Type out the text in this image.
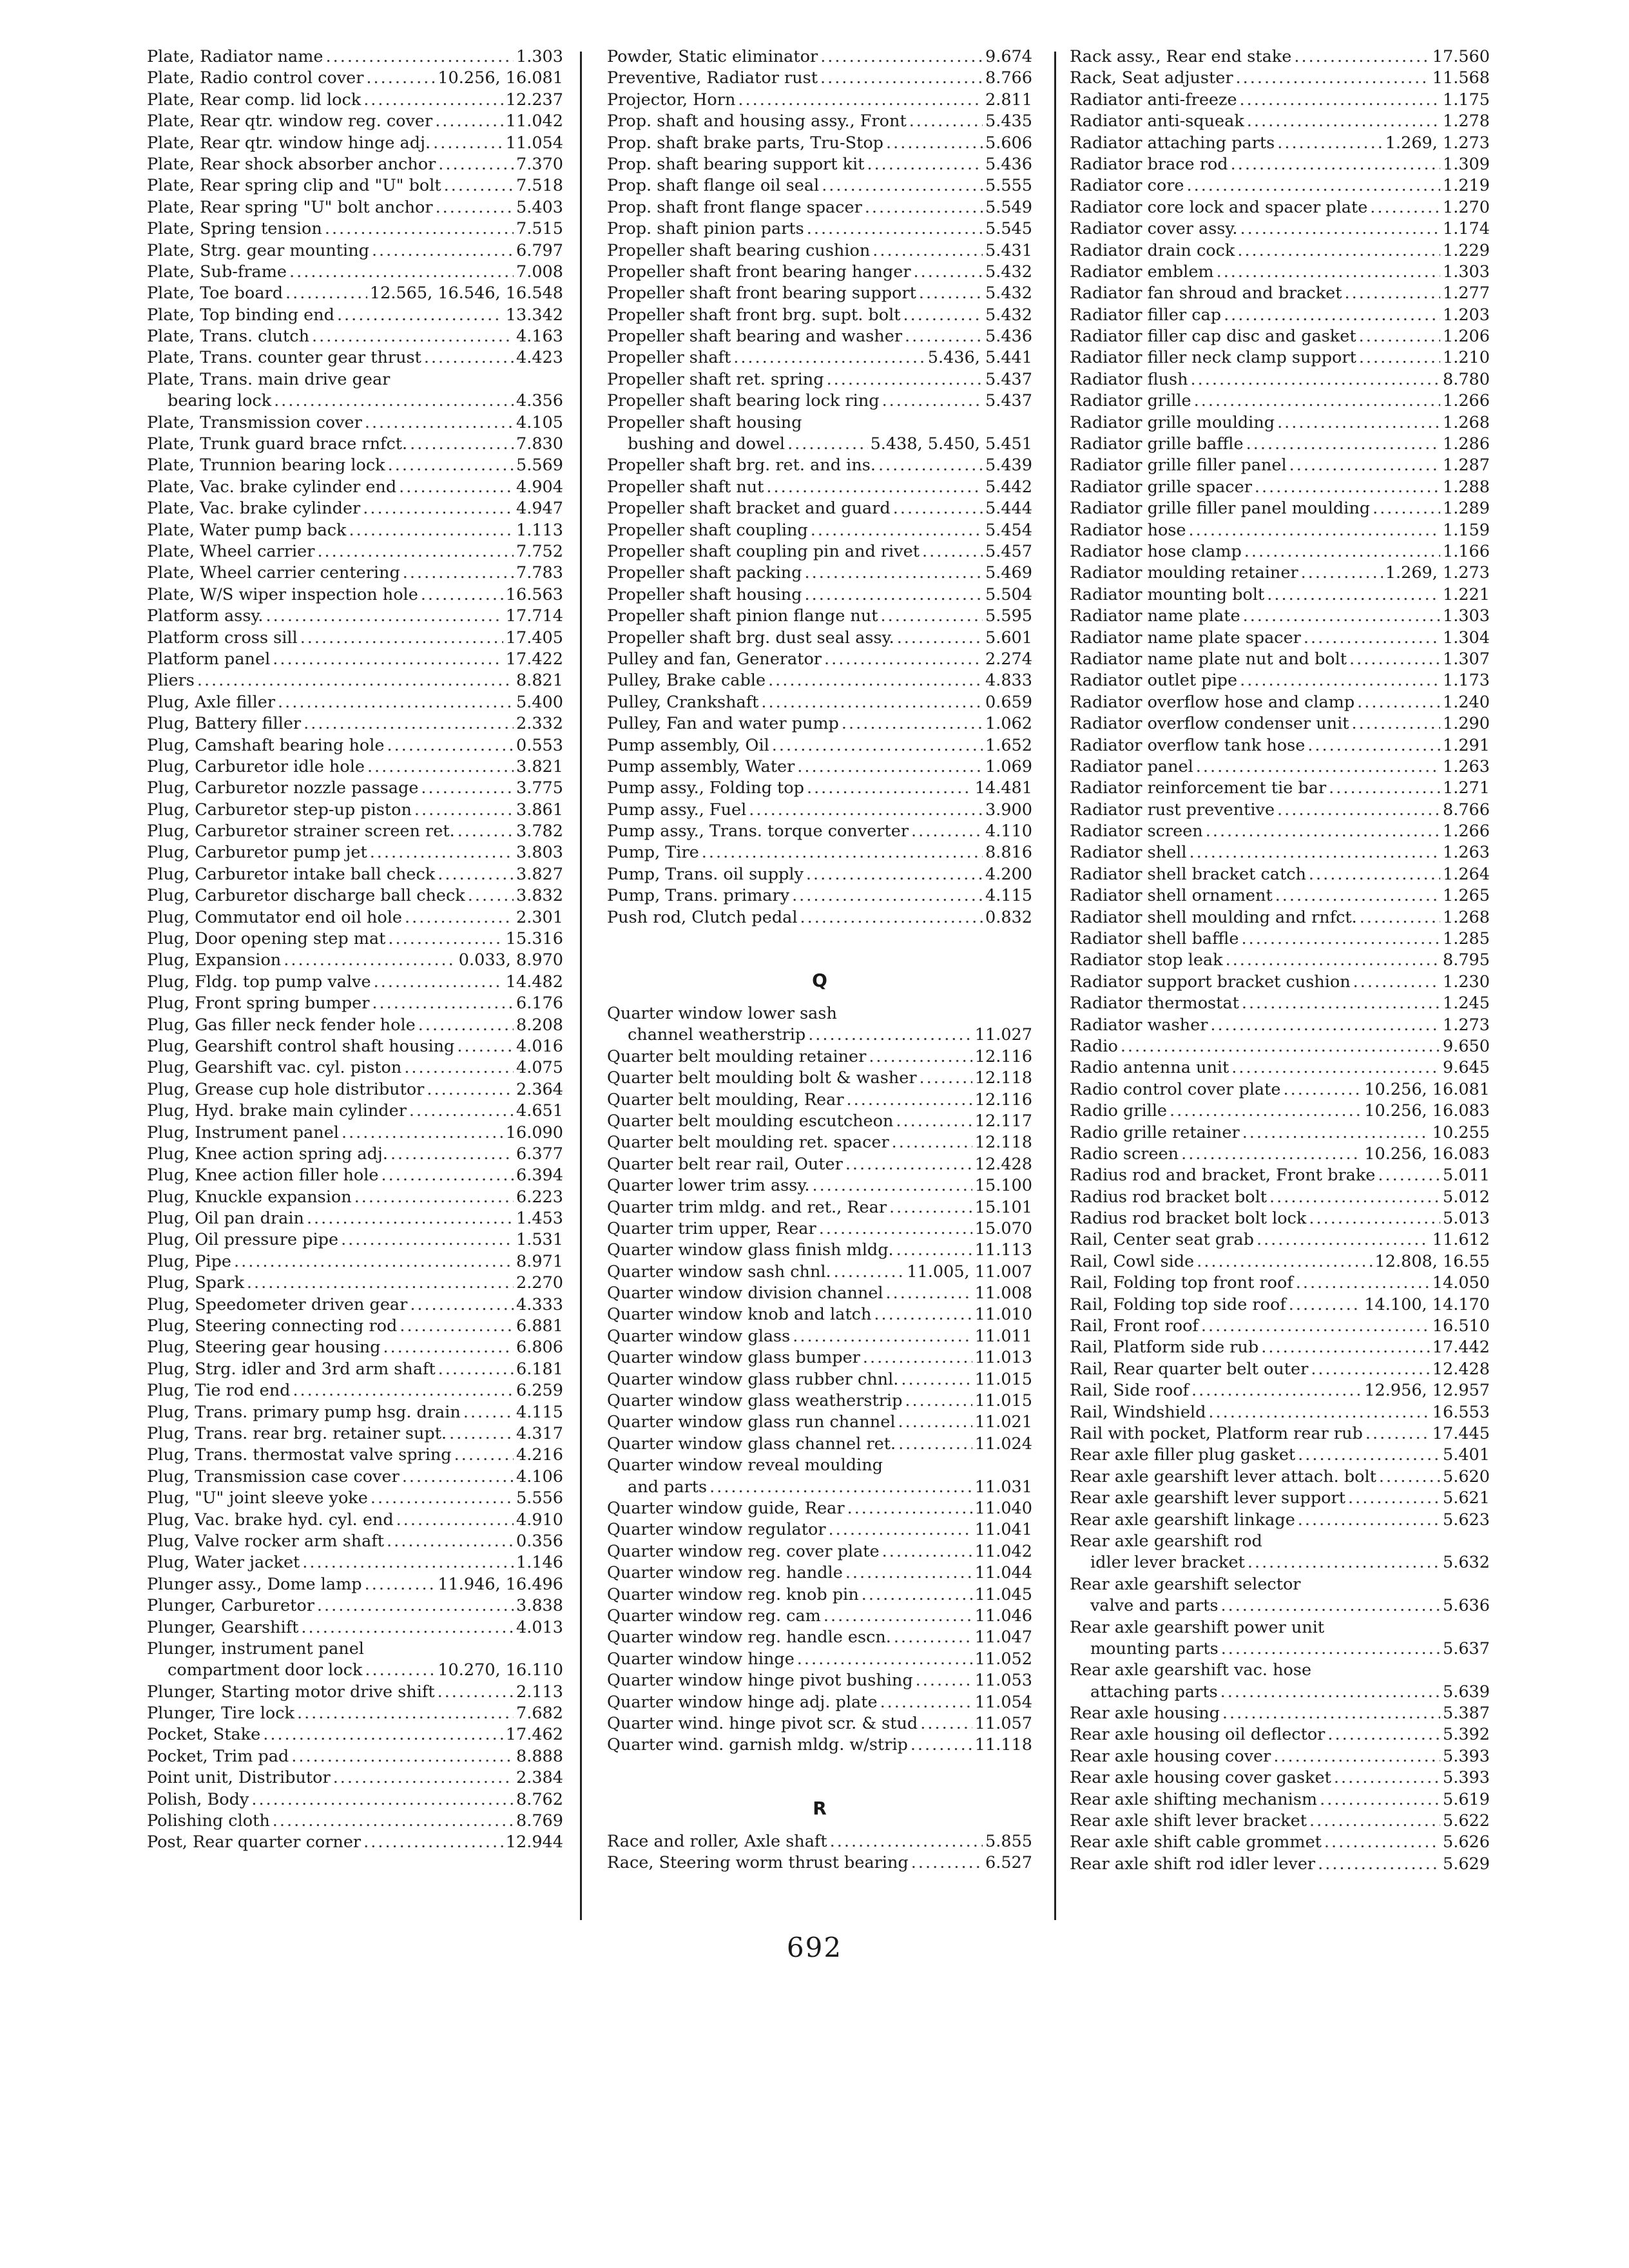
Plate, Radiator name .....	1.303
Plate, Radio control cover .....	10.256, 16.081
Plate, Rear comp. lid lock .....	12.237
Plate, Rear qtr. window reg. cover .....	11.042
Plate, Rear qtr. window hinge adj. .....	11.054
Plate, Rear shock absorber anchor .....	7.370
Plate, Rear spring clip and "U" bolt .....	7.518
Plate, Rear spring "U" bolt anchor .....	5.403
Plate, Spring tension .....	7.515
Plate, Strg. gear mounting .....	6.797
Plate, Sub-frame .....	7.008
Plate, Toe board .....	12.565, 16.546, 16.548
Plate, Top binding end .....	13.342
Plate, Trans. clutch .....	4.163
Plate, Trans. counter gear thrust .....	4.423
Plate, Trans. main drive gear
bearing lock .....	4.356
Plate, Transmission cover .....	4.105
Plate, Trunk guard brace rnfct. .....	7.830
Plate, Trunnion bearing lock .....	5.569
Plate, Vac. brake cylinder end .....	4.904
Plate, Vac. brake cylinder .....	4.947
Plate, Water pump back .....	1.113
Plate, Wheel carrier .....	7.752
Plate, Wheel carrier centering .....	7.783
Plate, W/S wiper inspection hole .....	16.563
Platform assy. .....	17.714
Platform cross sill .....	17.405
Platform panel .....	17.422
Pliers .....	8.821
Plug, Axle filler .....	5.400
Plug, Battery filler .....	2.332
Plug, Camshaft bearing hole .....	0.553
Plug, Carburetor idle hole .....	3.821
Plug, Carburetor nozzle passage .....	3.775
Plug, Carburetor step-up piston .....	3.861
Plug, Carburetor strainer screen ret. .....	3.782
Plug, Carburetor pump jet .....	3.803
Plug, Carburetor intake ball check .....	3.827
Plug, Carburetor discharge ball check .....	3.832
Plug, Commutator end oil hole .....	2.301
Plug, Door opening step mat .....	15.316
Plug, Expansion .....	0.033, 8.970
Plug, Fldg. top pump valve .....	14.482
Plug, Front spring bumper .....	6.176
Plug, Gas filler neck fender hole .....	8.208
Plug, Gearshift control shaft housing .....	4.016
Plug, Gearshift vac. cyl. piston .....	4.075
Plug, Grease cup hole distributor .....	2.364
Plug, Hyd. brake main cylinder .....	4.651
Plug, Instrument panel .....	16.090
Plug, Knee action spring adj. .....	6.377
Plug, Knee action filler hole .....	6.394
Plug, Knuckle expansion .....	6.223
Plug, Oil pan drain .....	1.453
Plug, Oil pressure pipe .....	1.531
Plug, Pipe .....	8.971
Plug, Spark .....	2.270
Plug, Speedometer driven gear .....	4.333
Plug, Steering connecting rod .....	6.881
Plug, Steering gear housing .....	6.806
Plug, Strg. idler and 3rd arm shaft .....	6.181
Plug, Tie rod end .....	6.259
Plug, Trans. primary pump hsg. drain .....	4.115
Plug, Trans. rear brg. retainer supt. .....	4.317
Plug, Trans. thermostat valve spring .....	4.216
Plug, Transmission case cover .....	4.106
Plug, "U" joint sleeve yoke .....	5.556
Plug, Vac. brake hyd. cyl. end .....	4.910
Plug, Valve rocker arm shaft .....	0.356
Plug, Water jacket .....	1.146
Plunger assy., Dome lamp .....	11.946, 16.496
Plunger, Carburetor .....	3.838
Plunger, Gearshift .....	4.013
Plunger, instrument panel
compartment door lock .....	10.270, 16.110
Plunger, Starting motor drive shift .....	2.113
Plunger, Tire lock .....	7.682
Pocket, Stake .....	17.462
Pocket, Trim pad .....	8.888
Point unit, Distributor .....	2.384
Polish, Body .....	8.762
Polishing cloth .....	8.769
Post, Rear quarter corner .....	12.944
Powder, Static eliminator .....	9.674
Preventive, Radiator rust .....	8.766
Projector, Horn .....	2.811
Prop. shaft and housing assy., Front .....	5.435
Prop. shaft brake parts, Tru-Stop .....	5.606
Prop. shaft bearing support kit .....	5.436
Prop. shaft flange oil seal .....	5.555
Prop. shaft front flange spacer .....	5.549
Prop. shaft pinion parts .....	5.545
Propeller shaft bearing cushion .....	5.431
Propeller shaft front bearing hanger .....	5.432
Propeller shaft front bearing support .....	5.432
Propeller shaft front brg. supt. bolt .....	5.432
Propeller shaft bearing and washer .....	5.436
Propeller shaft .....	5.436, 5.441
Propeller shaft ret. spring .....	5.437
Propeller shaft bearing lock ring .....	5.437
Propeller shaft housing
bushing and dowel .....	5.438, 5.450, 5.451
Propeller shaft brg. ret. and ins. .....	5.439
Propeller shaft nut .....	5.442
Propeller shaft bracket and guard .....	5.444
Propeller shaft coupling .....	5.454
Propeller shaft coupling pin and rivet .....	5.457
Propeller shaft packing .....	5.469
Propeller shaft housing .....	5.504
Propeller shaft pinion flange nut .....	5.595
Propeller shaft brg. dust seal assy. .....	5.601
Pulley and fan, Generator .....	2.274
Pulley, Brake cable .....	4.833
Pulley, Crankshaft .....	0.659
Pulley, Fan and water pump .....	1.062
Pump assembly, Oil .....	1.652
Pump assembly, Water .....	1.069
Pump assy., Folding top .....	14.481
Pump assy., Fuel .....	3.900
Pump assy., Trans. torque converter .....	4.110
Pump, Tire .....	8.816
Pump, Trans. oil supply .....	4.200
Pump, Trans. primary .....	4.115
Push rod, Clutch pedal .....	0.832
Q
Quarter window lower sash
channel weatherstrip .....	11.027
Quarter belt moulding retainer .....	12.116
Quarter belt moulding bolt & washer .....	12.118
Quarter belt moulding, Rear .....	12.116
Quarter belt moulding escutcheon .....	12.117
Quarter belt moulding ret. spacer .....	12.118
Quarter belt rear rail, Outer .....	12.428
Quarter lower trim assy. .....	15.100
Quarter trim mldg. and ret., Rear .....	15.101
Quarter trim upper, Rear .....	15.070
Quarter window glass finish mldg. .....	11.113
Quarter window sash chnl. .....	11.005, 11.007
Quarter window division channel .....	11.008
Quarter window knob and latch .....	11.010
Quarter window glass .....	11.011
Quarter window glass bumper .....	11.013
Quarter window glass rubber chnl. .....	11.015
Quarter window glass weatherstrip .....	11.015
Quarter window glass run channel .....	11.021
Quarter window glass channel ret. .....	11.024
Quarter window reveal moulding
and parts .....	11.031
Quarter window guide, Rear .....	11.040
Quarter window regulator .....	11.041
Quarter window reg. cover plate .....	11.042
Quarter window reg. handle .....	11.044
Quarter window reg. knob pin .....	11.045
Quarter window reg. cam .....	11.046
Quarter window reg. handle escn. .....	11.047
Quarter window hinge .....	11.052
Quarter window hinge pivot bushing .....	11.053
Quarter window hinge adj. plate .....	11.054
Quarter wind. hinge pivot scr. & stud .....	11.057
Quarter wind. garnish mldg. w/strip .....	11.118
R
Race and roller, Axle shaft .....	5.855
Race, Steering worm thrust bearing .....	6.527
Rack assy., Rear end stake .....	17.560
Rack, Seat adjuster .....	11.568
Radiator anti-freeze .....	1.175
Radiator anti-squeak .....	1.278
Radiator attaching parts .....	1.269, 1.273
Radiator brace rod .....	1.309
Radiator core .....	1.219
Radiator core lock and spacer plate .....	1.270
Radiator cover assy. .....	1.174
Radiator drain cock .....	1.229
Radiator emblem .....	1.303
Radiator fan shroud and bracket .....	1.277
Radiator filler cap .....	1.203
Radiator filler cap disc and gasket .....	1.206
Radiator filler neck clamp support .....	1.210
Radiator flush .....	8.780
Radiator grille .....	1.266
Radiator grille moulding .....	1.268
Radiator grille baffle .....	1.286
Radiator grille filler panel .....	1.287
Radiator grille spacer .....	1.288
Radiator grille filler panel moulding .....	1.289
Radiator hose .....	1.159
Radiator hose clamp .....	1.166
Radiator moulding retainer .....	1.269, 1.273
Radiator mounting bolt .....	1.221
Radiator name plate .....	1.303
Radiator name plate spacer .....	1.304
Radiator name plate nut and bolt .....	1.307
Radiator outlet pipe .....	1.173
Radiator overflow hose and clamp .....	1.240
Radiator overflow condenser unit .....	1.290
Radiator overflow tank hose .....	1.291
Radiator panel .....	1.263
Radiator reinforcement tie bar .....	1.271
Radiator rust preventive .....	8.766
Radiator screen .....	1.266
Radiator shell .....	1.263
Radiator shell bracket catch .....	1.264
Radiator shell ornament .....	1.265
Radiator shell moulding and rnfct. .....	1.268
Radiator shell baffle .....	1.285
Radiator stop leak .....	8.795
Radiator support bracket cushion .....	1.230
Radiator thermostat .....	1.245
Radiator washer .....	1.273
Radio .....	9.650
Radio antenna unit .....	9.645
Radio control cover plate .....	10.256, 16.081
Radio grille .....	10.256, 16.083
Radio grille retainer .....	10.255
Radio screen .....	10.256, 16.083
Radius rod and bracket, Front brake .....	5.011
Radius rod bracket bolt .....	5.012
Radius rod bracket bolt lock .....	5.013
Rail, Center seat grab .....	11.612
Rail, Cowl side .....	12.808, 16.55
Rail, Folding top front roof .....	14.050
Rail, Folding top side roof .....	14.100, 14.170
Rail, Front roof .....	16.510
Rail, Platform side rub .....	17.442
Rail, Rear quarter belt outer .....	12.428
Rail, Side roof .....	12.956, 12.957
Rail, Windshield .....	16.553
Rail with pocket, Platform rear rub .....	17.445
Rear axle filler plug gasket .....	5.401
Rear axle gearshift lever attach. bolt .....	5.620
Rear axle gearshift lever support .....	5.621
Rear axle gearshift linkage .....	5.623
Rear axle gearshift rod
idler lever bracket .....	5.632
Rear axle gearshift selector
valve and parts .....	5.636
Rear axle gearshift power unit
mounting parts .....	5.637
Rear axle gearshift vac. hose
attaching parts .....	5.639
Rear axle housing .....	5.387
Rear axle housing oil deflector .....	5.392
Rear axle housing cover .....	5.393
Rear axle housing cover gasket .....	5.393
Rear axle shifting mechanism .....	5.619
Rear axle shift lever bracket .....	5.622
Rear axle shift cable grommet .....	5.626
Rear axle shift rod idler lever .....	5.629
692
